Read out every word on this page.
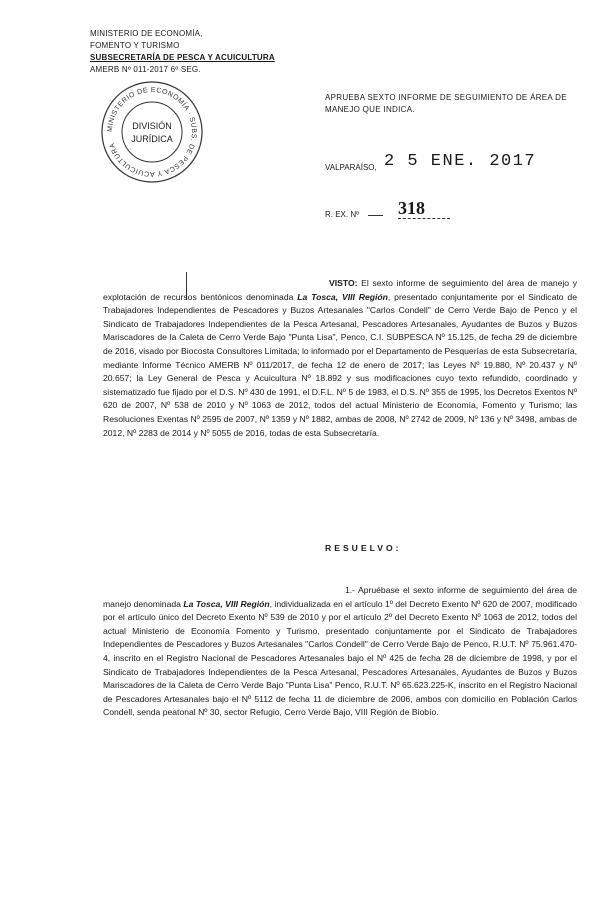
MINISTERIO DE ECONOMÍA,
FOMENTO Y TURISMO
SUBSECRETARÍA DE PESCA Y ACUICULTURA
AMERB Nº 011-2017 6º SEG.
MINISTERIO DE ECONOMÍA · SUBS. DE PESCA Y ACUICULTURA
DIVISIÓN
JURÍDICA
APRUEBA SEXTO INFORME DE SEGUIMIENTO DE ÁREA DE MANEJO QUE INDICA.
VALPARAÍSO, 2 5 ENE. 2017
R. EX. Nº 318
VISTO: El sexto informe de seguimiento del área de manejo y explotación de recursos bentónicos denominada La Tosca, VIII Región, presentado conjuntamente por el Sindicato de Trabajadores Independientes de Pescadores y Buzos Artesanales "Carlos Condell" de Cerro Verde Bajo de Penco y el Sindicato de Trabajadores Independientes de la Pesca Artesanal, Pescadores Artesanales, Ayudantes de Buzos y Buzos Mariscadores de la Caleta de Cerro Verde Bajo "Punta Lisa", Penco, C.I. SUBPESCA Nº 15.125, de fecha 29 de diciembre de 2016, visado por Biocosta Consultores Limitada; lo informado por el Departamento de Pesquerías de esta Subsecretaría, mediante Informe Técnico AMERB Nº 011/2017, de fecha 12 de enero de 2017; las Leyes Nº 19.880, Nº 20.437 y Nº 20.657; la Ley General de Pesca y Acuicultura Nº 18.892 y sus modificaciones cuyo texto refundido, coordinado y sistematizado fue fijado por el D.S. Nº 430 de 1991, el D.F.L. Nº 5 de 1983, el D.S. Nº 355 de 1995, los Decretos Exentos Nº 620 de 2007, Nº 538 de 2010 y Nº 1063 de 2012, todos del actual Ministerio de Economía, Fomento y Turismo; las Resoluciones Exentas Nº 2595 de 2007, Nº 1359 y Nº 1882, ambas de 2008, Nº 2742 de 2009, Nº 136 y Nº 3498, ambas de 2012, Nº 2283 de 2014 y Nº 5055 de 2016, todas de esta Subsecretaría.
RESUELVO:
1.- Apruébase el sexto informe de seguimiento del área de manejo denominada La Tosca, VIII Región, individualizada en el artículo 1º del Decreto Exento Nº 620 de 2007, modificado por el artículo único del Decreto Exento Nº 539 de 2010 y por el artículo 2º del Decreto Exento Nº 1063 de 2012, todos del actual Ministerio de Economía Fomento y Turismo, presentado conjuntamente por el Sindicato de Trabajadores Independientes de Pescadores y Buzos Artesanales "Carlos Condell" de Cerro Verde Bajo de Penco, R.U.T. Nº 75.961.470-4, inscrito en el Registro Nacional de Pescadores Artesanales bajo el Nº 425 de fecha 28 de diciembre de 1998, y por el Sindicato de Trabajadores Independientes de la Pesca Artesanal, Pescadores Artesanales, Ayudantes de Buzos y Buzos Mariscadores de la Caleta de Cerro Verde Bajo "Punta Lisa" Penco, R.U.T. Nº 65.623.225-K, inscrito en el Registro Nacional de Pescadores Artesanales bajo el Nº 5112 de fecha 11 de diciembre de 2006, ambos con domicilio en Población Carlos Condell, senda peatonal Nº 30, sector Refugio, Cerro Verde Bajo, VIII Región de Biobío.
